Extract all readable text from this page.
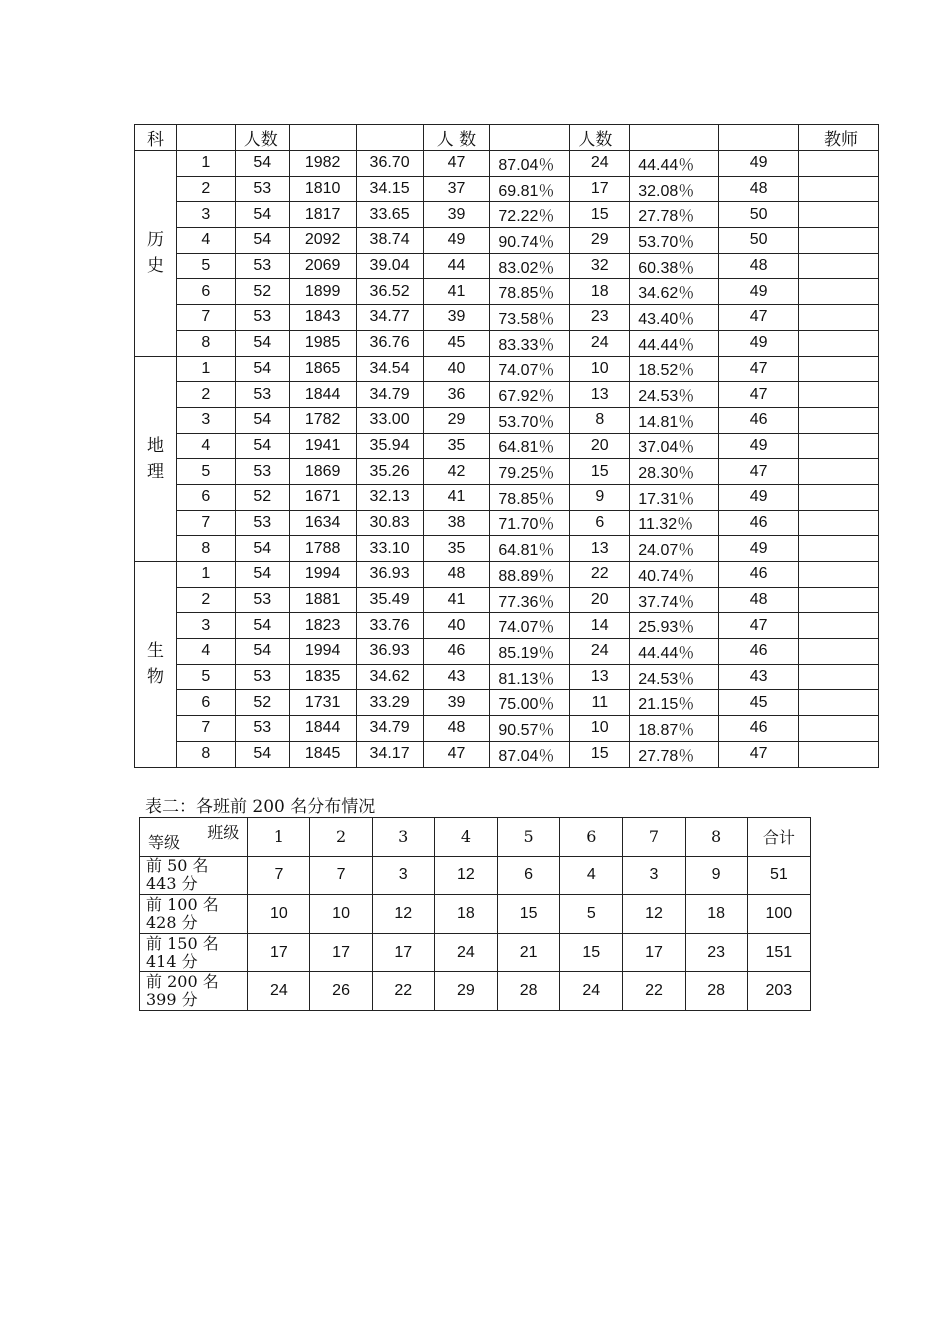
科		人数			人 数		人数			教师

历
史	1	54	1982	36.70	47	87.04％	24	44.44％	49	
	2	53	1810	34.15	37	69.81％	17	32.08％	48	
	3	54	1817	33.65	39	72.22％	15	27.78％	50	
	4	54	2092	38.74	49	90.74％	29	53.70％	50	
	5	53	2069	39.04	44	83.02％	32	60.38％	48	
	6	52	1899	36.52	41	78.85％	18	34.62％	49	
	7	53	1843	34.77	39	73.58％	23	43.40％	47	
	8	54	1985	36.76	45	83.33％	24	44.44％	49	

地
理	1	54	1865	34.54	40	74.07％	10	18.52％	47	
	2	53	1844	34.79	36	67.92％	13	24.53％	47	
	3	54	1782	33.00	29	53.70％	8	14.81％	46	
	4	54	1941	35.94	35	64.81％	20	37.04％	49	
	5	53	1869	35.26	42	79.25％	15	28.30％	47	
	6	52	1671	32.13	41	78.85％	9	17.31％	49	
	7	53	1634	30.83	38	71.70％	6	11.32％	46	
	8	54	1788	33.10	35	64.81％	13	24.07％	49	

生
物	1	54	1994	36.93	48	88.89％	22	40.74％	46	
	2	53	1881	35.49	41	77.36％	20	37.74％	48	
	3	54	1823	33.76	40	74.07％	14	25.93％	47	
	4	54	1994	36.93	46	85.19％	24	44.44％	46	
	5	53	1835	34.62	43	81.13％	13	24.53％	43	
	6	52	1731	33.29	39	75.00％	11	21.15％	45	
	7	53	1844	34.79	48	90.57％	10	18.87％	46	
	8	54	1845	34.17	47	87.04％	15	27.78％	47	
表二：各班前 200 名分布情况
班级
等级	1	2	3	4	5	6	7	8	合计

前 50 名
443 分	7	7	3	12	6	4	3	9	51

前 100 名
428 分	10	10	12	18	15	5	12	18	100

前 150 名
414 分	17	17	17	24	21	15	17	23	151

前 200 名
399 分	24	26	22	29	28	24	22	28	203
